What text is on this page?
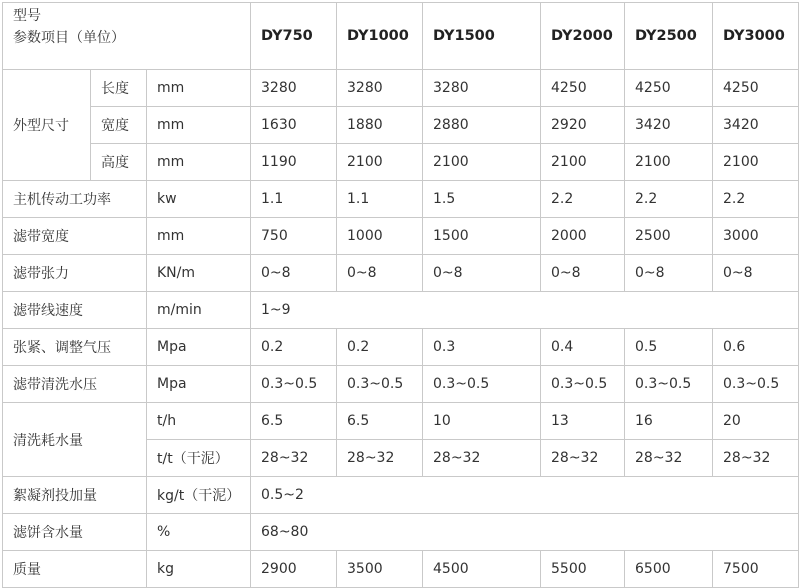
型号
参数项目（单位）			DY750	DY1000	DY1500	DY2000	DY2500	DY3000
外型尺寸	长度	mm	3280	3280	3280	4250	4250	4250
	宽度	mm	1630	1880	2880	2920	3420	3420
	高度	mm	1190	2100	2100	2100	2100	2100
主机传动工功率		kw	1.1	1.1	1.5	2.2	2.2	2.2
滤带宽度		mm	750	1000	1500	2000	2500	3000
滤带张力		KN/m	0~8	0~8	0~8	0~8	0~8	0~8
滤带线速度		m/min	1~9					
张紧、调整气压		Mpa	0.2	0.2	0.3	0.4	0.5	0.6
滤带清洗水压		Mpa	0.3~0.5	0.3~0.5	0.3~0.5	0.3~0.5	0.3~0.5	0.3~0.5
清洗耗水量		t/h	6.5	6.5	10	13	16	20
		t/t（干泥）	28~32	28~32	28~32	28~32	28~32	28~32
絮凝剂投加量		kg/t（干泥）	0.5~2					
滤饼含水量		%	68~80					
质量		kg	2900	3500	4500	5500	6500	7500
